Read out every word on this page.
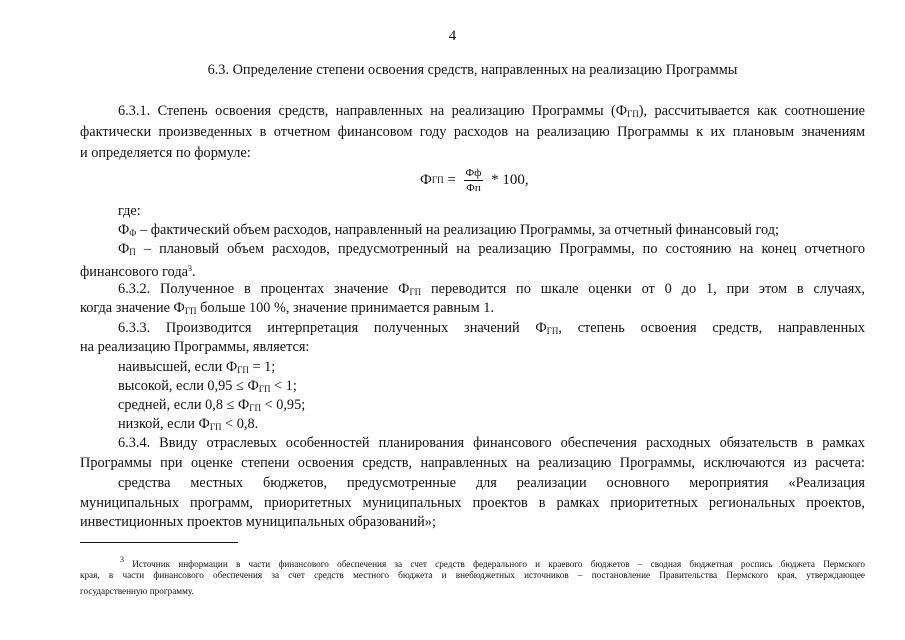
4
6.3. Определение степени освоения средств, направленных на реализацию Программы
6.3.1. Степень освоения средств, направленных на реализацию Программы $(Ф_{ГП})$, рассчитывается как соотношение
фактически произведенных в отчетном финансовом году расходов на реализацию Программы к их плановым значениям
и определяется по формуле:
Ф ГП = $\frac{Фф}{Фп} * 100$,
где:
$Ф_Ф$ – фактический объем расходов, направленный на реализацию Программы, за отчетный финансовый год;
$Ф_П$ – плановый объем расходов, предусмотренный на реализацию Программы, по состоянию на конец отчетного
финансового года$^3$.
6.3.2. Полученное в процентах значение $Ф_{ГП}$ переводится по шкале оценки от 0 до 1, при этом в случаях,
когда значение $Ф_{ГП}$ больше 100 %, значение принимается равным 1.
6.3.3. Производится интерпретация полученных значений $Ф_{ГП}$, степень освоения средств, направленных
на реализацию Программы, является:
наивысшей, если $Ф_{ГП} = 1$;
высокой, если $0,95 \le Ф_{ГП} < 1$;
средней, если $0,8 \le Ф_{ГП} < 0,95$;
низкой, если $Ф_{ГП} < 0,8$.
6.3.4. Ввиду отраслевых особенностей планирования финансового обеспечения расходных обязательств в рамках
Программы при оценке степени освоения средств, направленных на реализацию Программы, исключаются из расчета:
средства местных бюджетов, предусмотренные для реализации основного мероприятия «Реализация
муниципальных программ, приоритетных муниципальных проектов в рамках приоритетных региональных проектов,
инвестиционных проектов муниципальных образований»;
$^3$ Источник информации в части финансового обеспечения за счет средств федерального и краевого бюджетов – сводная бюджетная роспись бюджета Пермского
края, в части финансового обеспечения за счет средств местного бюджета и внебюджетных источников – постановление Правительства Пермского края, утверждающее
государственную программу.
